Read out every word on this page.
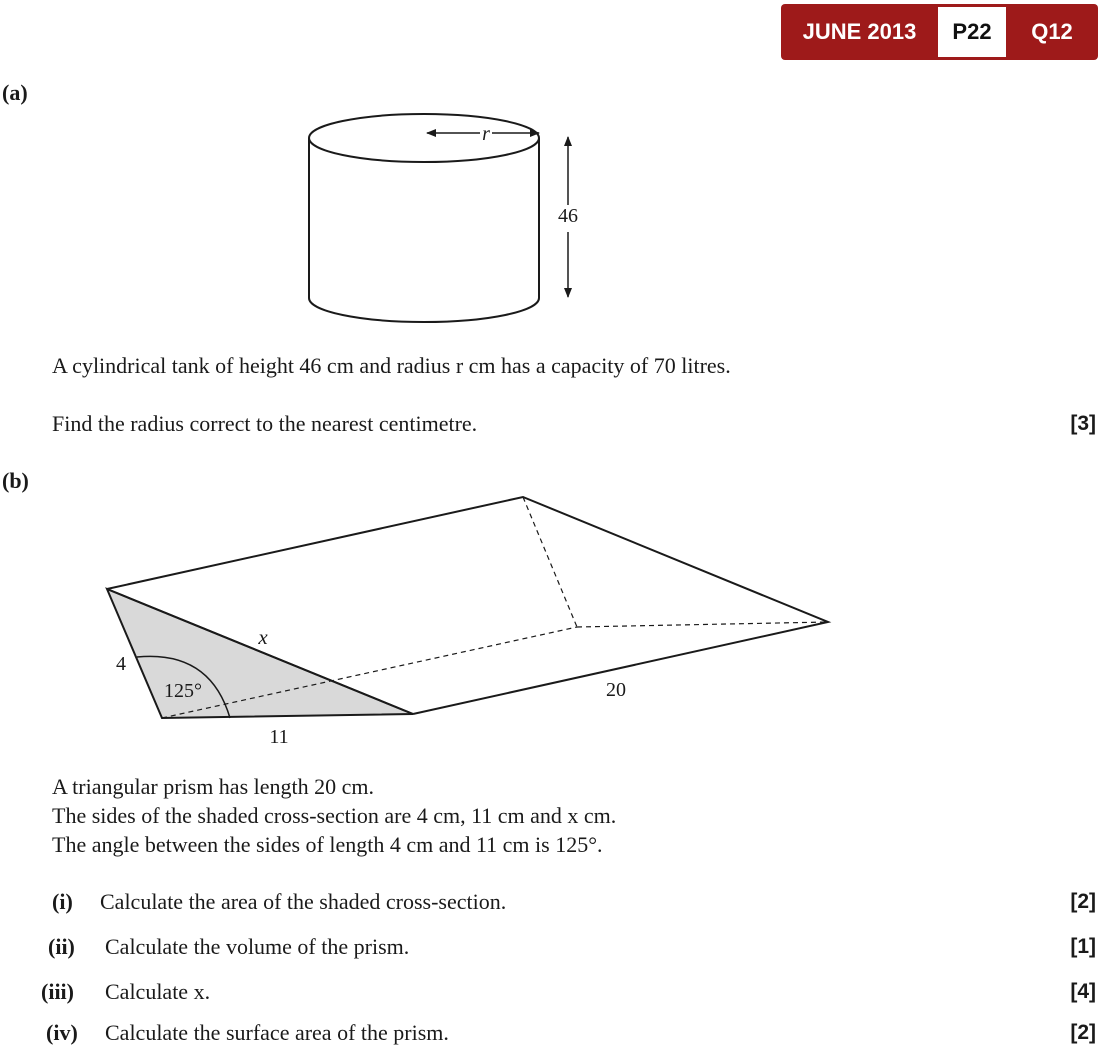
JUNE 2013	P22	Q12
(a)
r
46
4
x
125°
11
20
A cylindrical tank of height 46 cm and radius r cm has a capacity of 70 litres.
Find the radius correct to the nearest centimetre.	[3]
(b)
A triangular prism has length 20 cm.
The sides of the shaded cross-section are 4 cm, 11 cm and x cm.
The angle between the sides of length 4 cm and 11 cm is 125°.
(i) Calculate the area of the shaded cross-section.	[2]
(ii) Calculate the volume of the prism.	[1]
(iii) Calculate x.	[4]
(iv) Calculate the surface area of the prism.	[2]
